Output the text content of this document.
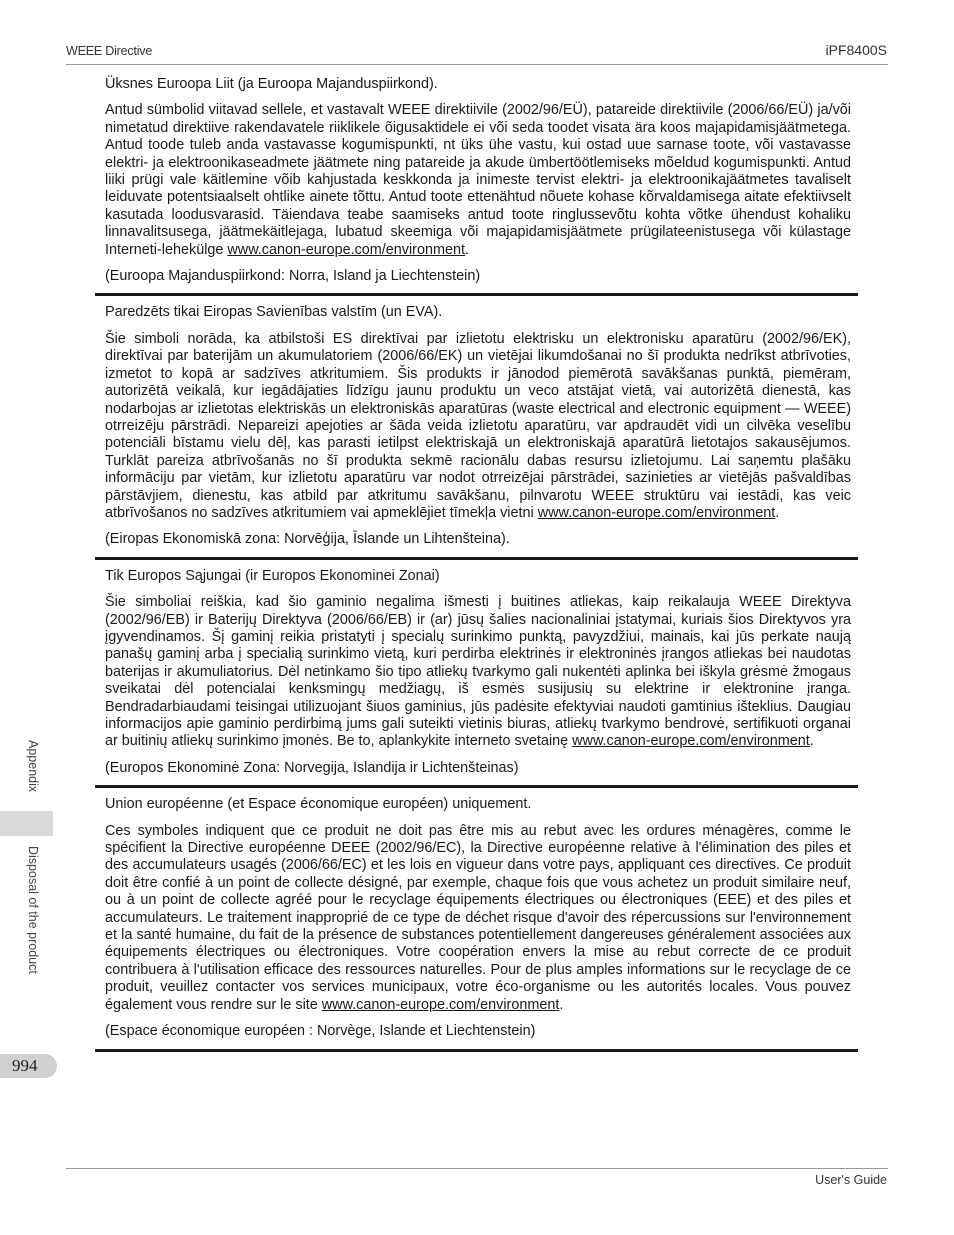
WEEE Directive	iPF8400S
Appendix
Disposal of the product
994

Üksnes Euroopa Liit (ja Euroopa Majanduspiirkond).

Antud sümbolid viitavad sellele, et vastavalt WEEE direktiivile (2002/96/EÜ), patareide direktiivile (2006/66/EÜ) ja/või nimetatud direktiive rakendavatele riiklikele õigusaktidele ei või seda toodet visata ära koos majapidamisjäätmetega. Antud toode tuleb anda vastavasse kogumispunkti, nt üks ühe vastu, kui ostad uue sarnase toote, või vastavasse elektri- ja elektroonikaseadmete jäätmete ning patareide ja akude ümbertöötlemiseks mõeldud kogumispunkti. Antud liiki prügi vale käitlemine võib kahjustada keskkonda ja inimeste tervist elektri- ja elektroonikajäätmetes tavaliselt leiduvate potentsiaalselt ohtlike ainete tõttu. Antud toote ettenähtud nõuete kohase kõrvaldamisega aitate efektiivselt kasutada loodusvarasid. Täiendava teabe saamiseks antud toote ringlussevõtu kohta võtke ühendust kohaliku linnavalitsusega, jäätmekäitlejaga, lubatud skeemiga või majapidamisjäätmete prügilateenistusega või külastage Interneti-lehekülge www.canon-europe.com/environment.

(Euroopa Majanduspiirkond: Norra, Island ja Liechtenstein)

Paredzēts tikai Eiropas Savienības valstīm (un EVA).

Šie simboli norāda, ka atbilstoši ES direktīvai par izlietotu elektrisku un elektronisku aparatūru (2002/96/EK), direktīvai par baterijām un akumulatoriem (2006/66/EK) un vietējai likumdošanai no šī produkta nedrīkst atbrīvoties, izmetot to kopā ar sadzīves atkritumiem. Šis produkts ir jānodod piemērotā savākšanas punktā, piemēram, autorizētā veikalā, kur iegādājaties līdzīgu jaunu produktu un veco atstājat vietā, vai autorizētā dienestā, kas nodarbojas ar izlietotas elektriskās un elektroniskās aparatūras (waste electrical and electronic equipment — WEEE) otrreizēju pārstrādi. Nepareizi apejoties ar šāda veida izlietotu aparatūru, var apdraudēt vidi un cilvēka veselību potenciāli bīstamu vielu dēļ, kas parasti ietilpst elektriskajā un elektroniskajā aparatūrā lietotajos sakausējumos. Turklāt pareiza atbrīvošanās no šī produkta sekmē racionālu dabas resursu izlietojumu. Lai saņemtu plašāku informāciju par vietām, kur izlietotu aparatūru var nodot otrreizējai pārstrādei, sazinieties ar vietējās pašvaldības pārstāvjiem, dienestu, kas atbild par atkritumu savākšanu, pilnvarotu WEEE struktūru vai iestādi, kas veic atbrīvošanos no sadzīves atkritumiem vai apmeklējiet tīmekļa vietni www.canon-europe.com/environment.

(Eiropas Ekonomiskā zona: Norvēģija, Īslande un Lihtenšteina).

Tik Europos Sąjungai (ir Europos Ekonominei Zonai)

Šie simboliai reiškia, kad šio gaminio negalima išmesti į buitines atliekas, kaip reikalauja WEEE Direktyva (2002/96/EB) ir Baterijų Direktyva (2006/66/EB) ir (ar) jūsų šalies nacionaliniai įstatymai, kuriais šios Direktyvos yra įgyvendinamos. Šį gaminį reikia pristatyti į specialų surinkimo punktą, pavyzdžiui, mainais, kai jūs perkate naują panašų gaminį arba į specialią surinkimo vietą, kuri perdirba elektrinės ir elektroninės įrangos atliekas bei naudotas baterijas ir akumuliatorius. Dėl netinkamo šio tipo atliekų tvarkymo gali nukentėti aplinka bei iškyla grėsmė žmogaus sveikatai dėl potencialai kenksmingų medžiagų, iš esmės susijusių su elektrine ir elektronine įranga. Bendradarbiaudami teisingai utilizuojant šiuos gaminius, jūs padėsite efektyviai naudoti gamtinius išteklius. Daugiau informacijos apie gaminio perdirbimą jums gali suteikti vietinis biuras, atliekų tvarkymo bendrovė, sertifikuoti organai ar buitinių atliekų surinkimo įmonės. Be to, aplankykite interneto svetainę www.canon-europe.com/environment.

(Europos Ekonominė Zona: Norvegija, Islandija ir Lichtenšteinas)

Union européenne (et Espace économique européen) uniquement.

Ces symboles indiquent que ce produit ne doit pas être mis au rebut avec les ordures ménagères, comme le spécifient la Directive européenne DEEE (2002/96/EC), la Directive européenne relative à l'élimination des piles et des accumulateurs usagés (2006/66/EC) et les lois en vigueur dans votre pays, appliquant ces directives. Ce produit doit être confié à un point de collecte désigné, par exemple, chaque fois que vous achetez un produit similaire neuf, ou à un point de collecte agréé pour le recyclage équipements électriques ou électroniques (EEE) et des piles et accumulateurs. Le traitement inapproprié de ce type de déchet risque d'avoir des répercussions sur l'environnement et la santé humaine, du fait de la présence de substances potentiellement dangereuses généralement associées aux équipements électriques ou électroniques. Votre coopération envers la mise au rebut correcte de ce produit contribuera à l'utilisation efficace des ressources naturelles. Pour de plus amples informations sur le recyclage de ce produit, veuillez contacter vos services municipaux, votre éco-organisme ou les autorités locales. Vous pouvez également vous rendre sur le site www.canon-europe.com/environment.

(Espace économique européen : Norvège, Islande et Liechtenstein)

User's Guide
